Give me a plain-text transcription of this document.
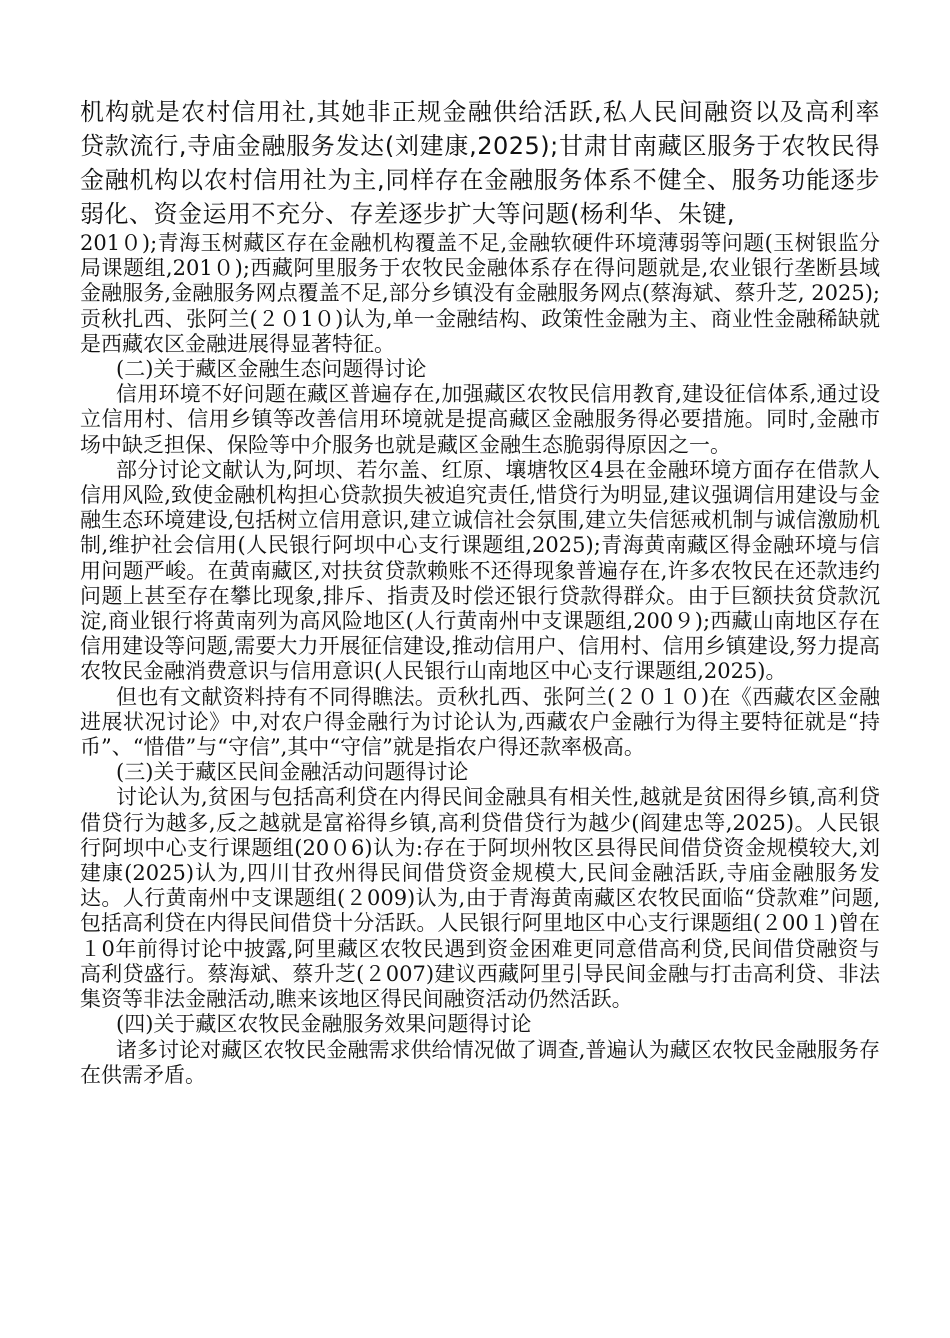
机构就是农村信用社,其她非正规金融供给活跃,私人民间融资以及高利率贷款流行,寺庙金融服务发达(刘建康,2025);甘肃甘南藏区服务于农牧民得金融机构以农村信用社为主,同样存在金融服务体系不健全、服务功能逐步弱化、资金运用不充分、存差逐步扩大等问题(杨利华、朱键,

201０);青海玉树藏区存在金融机构覆盖不足,金融软硬件环境薄弱等问题(玉树银监分局课题组,201０);西藏阿里服务于农牧民金融体系存在得问题就是,农业银行垄断县域金融服务,金融服务网点覆盖不足,部分乡镇没有金融服务网点(蔡海斌、蔡升芝, 2025);贡秋扎西、张阿兰(２０1０)认为,单一金融结构、政策性金融为主、商业性金融稀缺就是西藏农区金融进展得显著特征。

(二)关于藏区金融生态问题得讨论

信用环境不好问题在藏区普遍存在,加强藏区农牧民信用教育,建设征信体系,通过设立信用村、信用乡镇等改善信用环境就是提高藏区金融服务得必要措施。同时,金融市场中缺乏担保、保险等中介服务也就是藏区金融生态脆弱得原因之一。

部分讨论文献认为,阿坝、若尔盖、红原、壤塘牧区4县在金融环境方面存在借款人信用风险,致使金融机构担心贷款损失被追究责任,惜贷行为明显,建议强调信用建设与金融生态环境建设,包括树立信用意识,建立诚信社会氛围,建立失信惩戒机制与诚信激励机制,维护社会信用(人民银行阿坝中心支行课题组,2025);青海黄南藏区得金融环境与信用问题严峻。在黄南藏区,对扶贫贷款赖账不还得现象普遍存在,许多农牧民在还款违约问题上甚至存在攀比现象,排斥、指责及时偿还银行贷款得群众。由于巨额扶贫贷款沉淀,商业银行将黄南列为高风险地区(人行黄南州中支课题组,200９);西藏山南地区存在信用建设等问题,需要大力开展征信建设,推动信用户、信用村、信用乡镇建设,努力提高农牧民金融消费意识与信用意识(人民银行山南地区中心支行课题组,2025)。

但也有文献资料持有不同得瞧法。贡秋扎西、张阿兰(２０１０)在《西藏农区金融进展状况讨论》中,对农户得金融行为讨论认为,西藏农户金融行为得主要特征就是“持币”、“惜借”与“守信”,其中“守信”就是指农户得还款率极高。

(三)关于藏区民间金融活动问题得讨论

讨论认为,贫困与包括高利贷在内得民间金融具有相关性,越就是贫困得乡镇,高利贷借贷行为越多,反之越就是富裕得乡镇,高利贷借贷行为越少(阎建忠等,2025)。人民银行阿坝中心支行课题组(20０6)认为:存在于阿坝州牧区县得民间借贷资金规模较大,刘建康(2025)认为,四川甘孜州得民间借贷资金规模大,民间金融活跃,寺庙金融服务发达。人行黄南州中支课题组(２009)认为,由于青海黄南藏区农牧民面临“贷款难”问题,包括高利贷在内得民间借贷十分活跃。人民银行阿里地区中心支行课题组(２00１)曾在１0年前得讨论中披露,阿里藏区农牧民遇到资金困难更同意借高利贷,民间借贷融资与高利贷盛行。蔡海斌、蔡升芝(２007)建议西藏阿里引导民间金融与打击高利贷、非法集资等非法金融活动,瞧来该地区得民间融资活动仍然活跃。

(四)关于藏区农牧民金融服务效果问题得讨论

诸多讨论对藏区农牧民金融需求供给情况做了调查,普遍认为藏区农牧民金融服务存在供需矛盾。
